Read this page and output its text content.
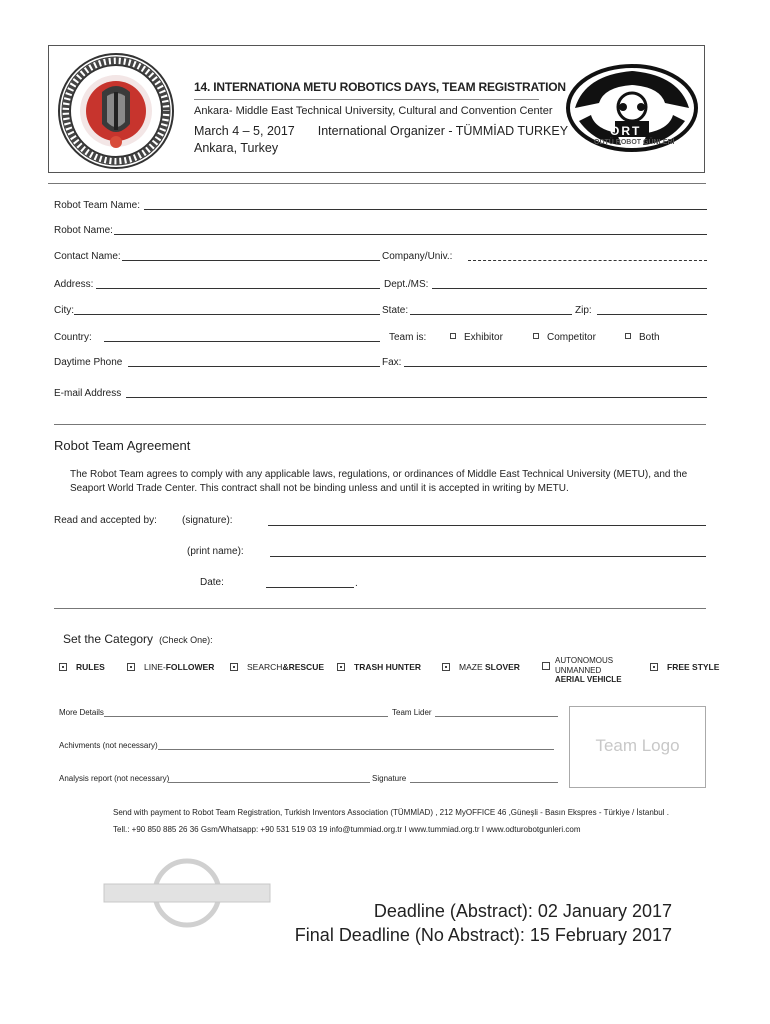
14. INTERNATIONA METU ROBOTICS DAYS, TEAM REGISTRATION
Ankara- Middle East Technical University, Cultural and Convention Center
March 4 – 5, 2017 International Organizer - TÜMMİAD TURKEY
Ankara, Turkey
ORT
ODTÜ ROBOT GÜNLERİ
Robot Team Name:
Robot Name:
Contact Name:	Company/Univ.:
Address:	Dept./MS:
City:	State:	Zip:
Country:	Team is:	Exhibitor	Competitor	Both
Daytime Phone	Fax:
E-mail Address
Robot Team Agreement
The Robot Team agrees to comply with any applicable laws, regulations, or ordinances of Middle East Technical University (METU), and the Seaport World Trade Center. This contract shall not be binding unless and until it is accepted in writing by METU.
Read and accepted by:	(signature):
(print name):
Date:	.
Set the Category (Check One):
RULES	LINE-FOLLOWER	SEARCH&RESCUE	TRASH HUNTER	MAZE SLOVER
AUTONOMOUS
UNMANNED
AERIAL VEHICLE
FREE STYLE
More Details	Team Lider
Achivments (not necessary)
Analysis report (not necessary)	Signature
Team Logo
Send with payment to Robot Team Registration, Turkish Inventors Association (TÜMMİAD) , 212 MyOFFICE 46 ,Güneşli - Basın Ekspres - Türkiye / İstanbul .
Tell.: +90 850 885 26 36 Gsm/Whatsapp: +90 531 519 03 19 info@tummiad.org.tr I www.tummiad.org.tr I www.odturobotgunleri.com
Deadline (Abstract): 02 January 2017
Final Deadline (No Abstract): 15 February 2017
